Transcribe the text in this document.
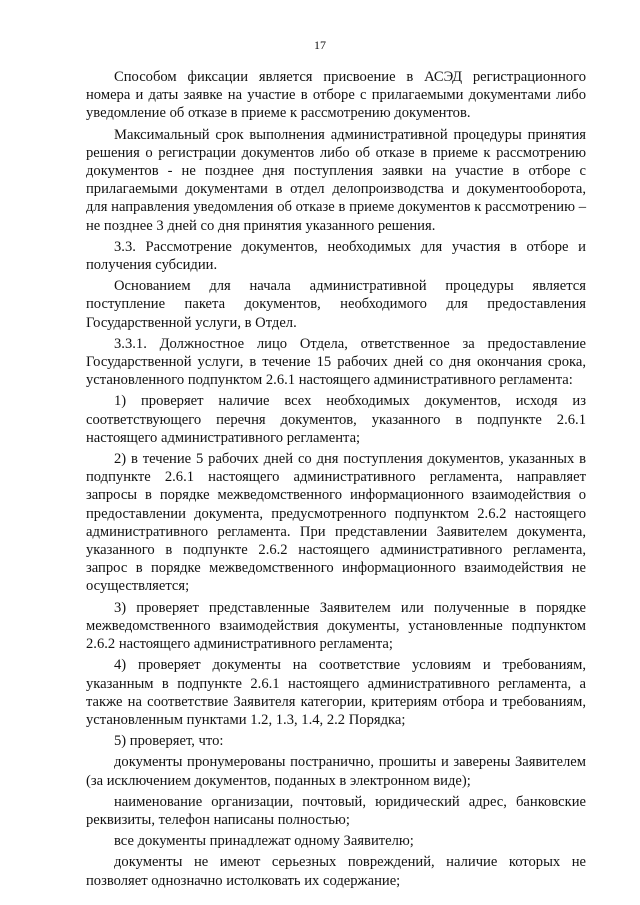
17

Способом фиксации является присвоение в АСЭД регистрационного номера и даты заявке на участие в отборе с прилагаемыми документами либо уведомление об отказе в приеме к рассмотрению документов.

Максимальный срок выполнения административной процедуры принятия решения о регистрации документов либо об отказе в приеме к рассмотрению документов - не позднее дня поступления заявки на участие в отборе с прилагаемыми документами в отдел делопроизводства и документооборота, для направления уведомления об отказе в приеме документов к рассмотрению – не позднее 3 дней со дня принятия указанного решения.

3.3. Рассмотрение документов, необходимых для участия в отборе и получения субсидии.

Основанием для начала административной процедуры является поступление пакета документов, необходимого для предоставления Государственной услуги, в Отдел.

3.3.1. Должностное лицо Отдела, ответственное за предоставление Государственной услуги, в течение 15 рабочих дней со дня окончания срока, установленного подпунктом 2.6.1 настоящего административного регламента:

1) проверяет наличие всех необходимых документов, исходя из соответствующего перечня документов, указанного в подпункте 2.6.1 настоящего административного регламента;

2) в течение 5 рабочих дней со дня поступления документов, указанных в подпункте 2.6.1 настоящего административного регламента, направляет запросы в порядке межведомственного информационного взаимодействия о предоставлении документа, предусмотренного подпунктом 2.6.2 настоящего административного регламента. При представлении Заявителем документа, указанного в подпункте 2.6.2 настоящего административного регламента, запрос в порядке межведомственного информационного взаимодействия не осуществляется;

3) проверяет представленные Заявителем или полученные в порядке межведомственного взаимодействия документы, установленные подпунктом 2.6.2 настоящего административного регламента;

4) проверяет документы на соответствие условиям и требованиям, указанным в подпункте 2.6.1 настоящего административного регламента, а также на соответствие Заявителя категории, критериям отбора и требованиям, установленным пунктами 1.2, 1.3, 1.4, 2.2 Порядка;

5) проверяет, что:

документы пронумерованы постранично, прошиты и заверены Заявителем (за исключением документов, поданных в электронном виде);

наименование организации, почтовый, юридический адрес, банковские реквизиты, телефон написаны полностью;

все документы принадлежат одному Заявителю;

документы не имеют серьезных повреждений, наличие которых не позволяет однозначно истолковать их содержание;
